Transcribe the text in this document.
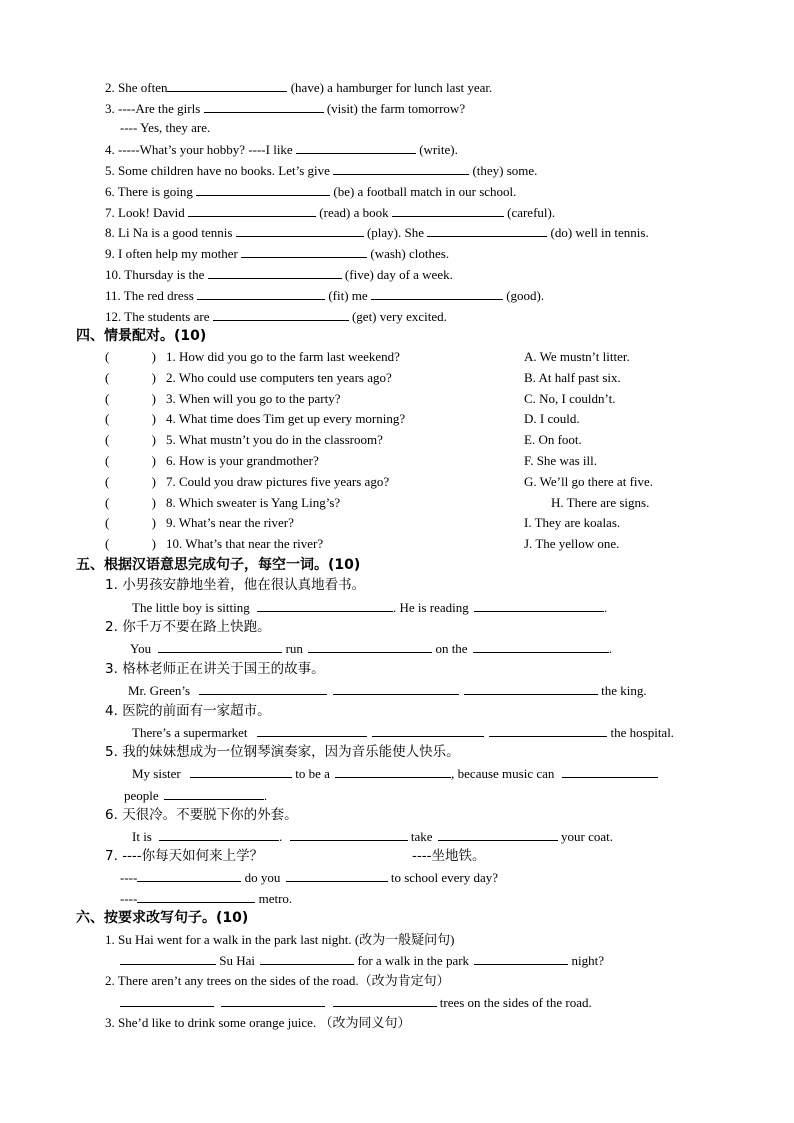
2. She often	(have) a hamburger for lunch last year.
3. ----Are the girls	(visit) the farm tomorrow?
---- Yes, they are.
4. -----What’s your hobby? ----I like	(write).
5. Some children have no books. Let’s give	(they) some.
6. There is going	(be) a football match in our school.
7. Look! David	(read) a book	(careful).
8. Li Na is a good tennis	(play). She	(do) well in tennis.
9. I often help my mother	(wash) clothes.
10. Thursday is the	(five) day of a week.
11. The red dress	(fit) me	(good).
12. The students are	(get) very excited.
四、情景配对。(10)
(             ) 1. How did you go to the farm last weekend?	A. We mustn’t litter.
(             ) 2. Who could use computers ten years ago?	B. At half past six.
(             ) 3. When will you go to the party?	C. No, I couldn’t.
(             ) 4. What time does Tim get up every morning?	D. I could.
(             ) 5. What mustn’t you do in the classroom?	E. On foot.
(             ) 6. How is your grandmother?	F. She was ill.
(             ) 7. Could you draw pictures five years ago?	G. We’ll go there at five.
(             ) 8. Which sweater is Yang Ling’s?	H. There are signs.
(             ) 9. What’s near the river?	I. They are koalas.
(             ) 10. What’s that near the river?	J. The yellow one.
五、根据汉语意思完成句子，每空一词。(10)
1. 小男孩安静地坐着，他在很认真地看书。
The little boy is sitting	. He is reading	.
2. 你千万不要在路上快跑。
You	run	on the	.
3. 格林老师正在讲关于国王的故事。
Mr. Green’s	the king.
4. 医院的前面有一家超市。
There’s a supermarket	the hospital.
5. 我的妹妹想成为一位钢琴演奏家，因为音乐能使人快乐。
My sister	to be a	, because music can
people	.
6. 天很冷。不要脱下你的外套。
It is	.	take	your coat.
7. ----你每天如何来上学？	----坐地铁。
----	do you	to school every day?
----	metro.
六、按要求改写句子。(10)
1. Su Hai went for a walk in the park last night. (改为一般疑问句)
Su Hai	for a walk in the park	night?
2. There aren’t any trees on the sides of the road.（改为肯定句）
trees on the sides of the road.
3. She’d like to drink some orange juice. （改为同义句）
